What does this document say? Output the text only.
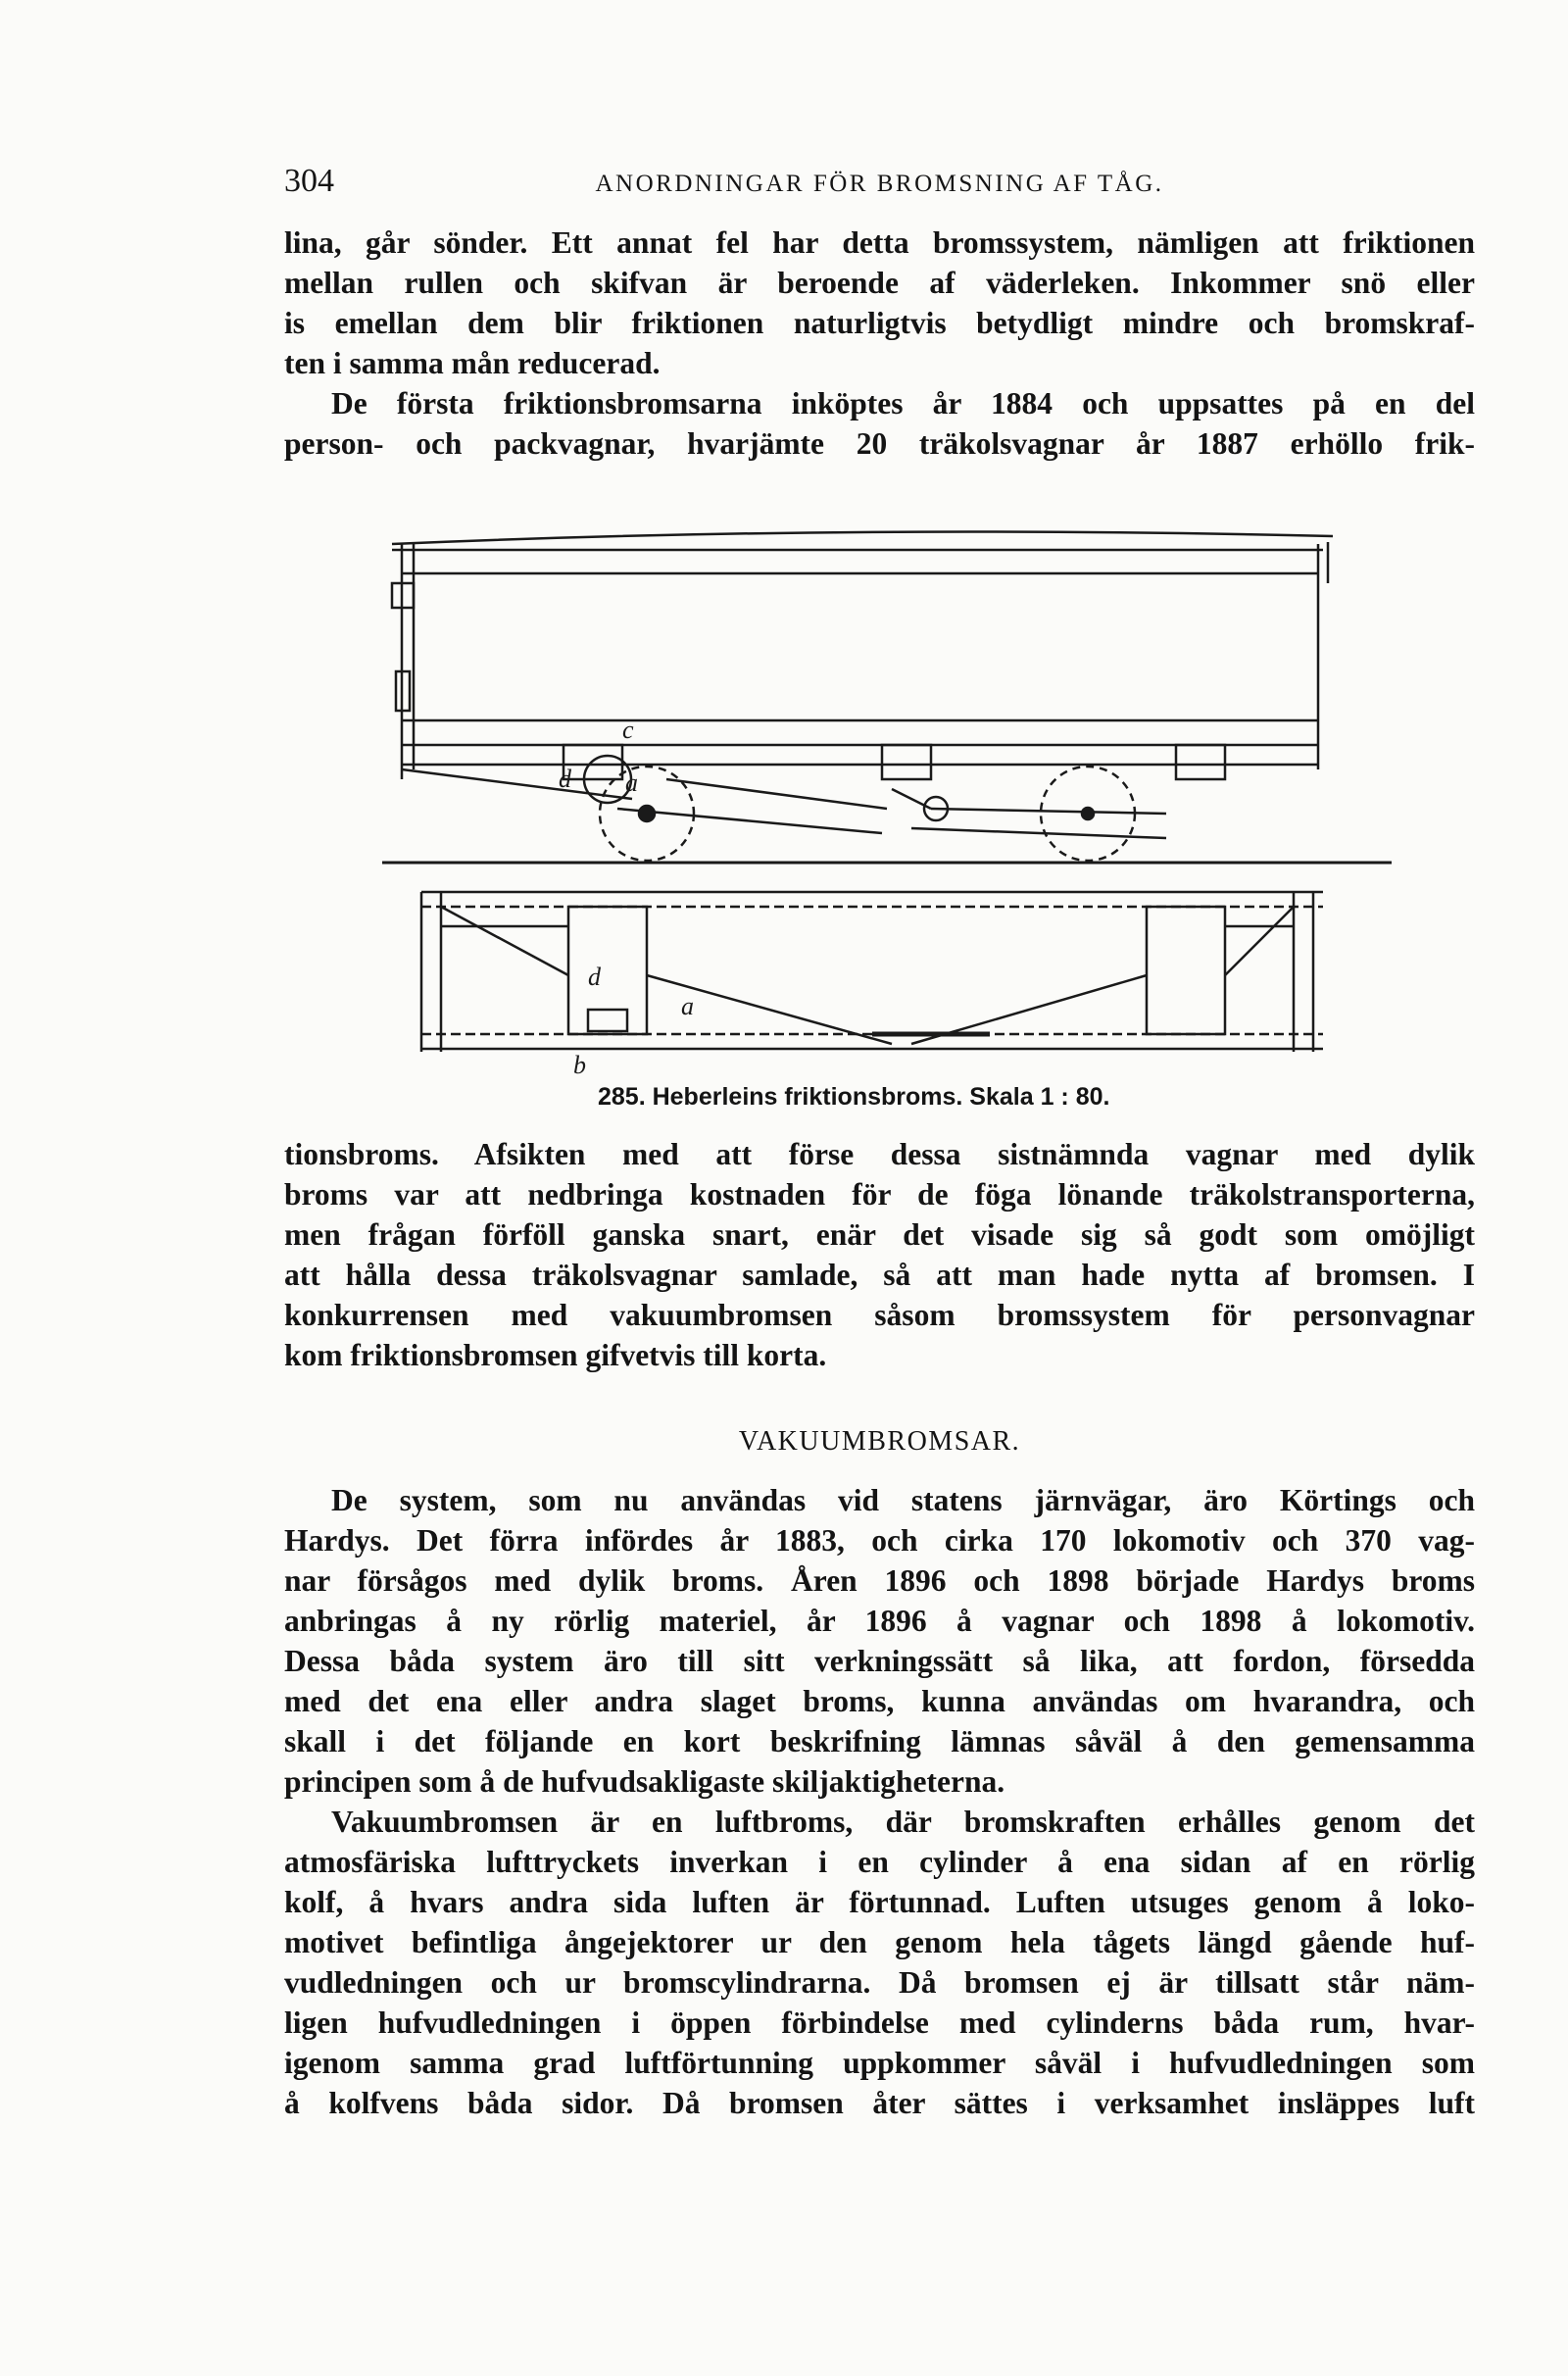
304	ANORDNINGAR FÖR BROMSNING AF TÅG.
lina, går sönder. Ett annat fel har detta bromssystem, nämligen att friktionen
mellan rullen och skifvan är beroende af väderleken. Inkommer snö eller
is emellan dem blir friktionen naturligtvis betydligt mindre och bromskraf-
ten i samma mån reducerad.
De första friktionsbromsarna inköptes år 1884 och uppsattes på en del
person- och packvagnar, hvarjämte 20 träkolsvagnar år 1887 erhöllo frik-
c
d a
d
a
b
285. Heberleins friktionsbroms. Skala 1 : 80.
tionsbroms. Afsikten med att förse dessa sistnämnda vagnar med dylik
broms var att nedbringa kostnaden för de föga lönande träkolstransporterna,
men frågan förföll ganska snart, enär det visade sig så godt som omöjligt
att hålla dessa träkolsvagnar samlade, så att man hade nytta af bromsen. I
konkurrensen med vakuumbromsen såsom bromssystem för personvagnar
kom friktionsbromsen gifvetvis till korta.
VAKUUMBROMSAR.
De system, som nu användas vid statens järnvägar, äro Körtings och
Hardys. Det förra infördes år 1883, och cirka 170 lokomotiv och 370 vag-
nar försågos med dylik broms. Åren 1896 och 1898 började Hardys broms
anbringas å ny rörlig materiel, år 1896 å vagnar och 1898 å lokomotiv.
Dessa båda system äro till sitt verkningssätt så lika, att fordon, försedda
med det ena eller andra slaget broms, kunna användas om hvarandra, och
skall i det följande en kort beskrifning lämnas såväl å den gemensamma
principen som å de hufvudsakligaste skiljaktigheterna.
Vakuumbromsen är en luftbroms, där bromskraften erhålles genom det
atmosfäriska lufttryckets inverkan i en cylinder å ena sidan af en rörlig
kolf, å hvars andra sida luften är förtunnad. Luften utsuges genom å loko-
motivet befintliga ångejektorer ur den genom hela tågets längd gående huf-
vudledningen och ur bromscylindrarna. Då bromsen ej är tillsatt står näm-
ligen hufvudledningen i öppen förbindelse med cylinderns båda rum, hvar-
igenom samma grad luftförtunning uppkommer såväl i hufvudledningen som
å kolfvens båda sidor. Då bromsen åter sättes i verksamhet insläppes luft
